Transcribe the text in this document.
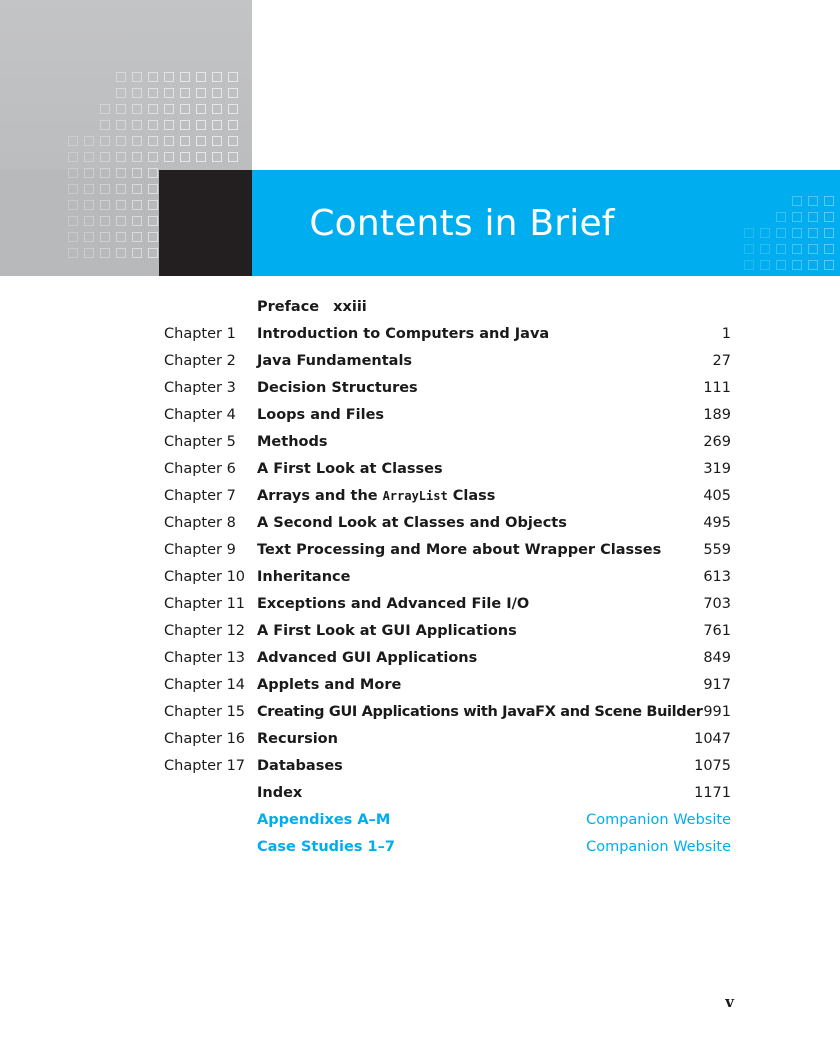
Contents in Brief
Preface xxiii
Chapter 1 Introduction to Computers and Java	1
Chapter 2 Java Fundamentals	27
Chapter 3 Decision Structures	111
Chapter 4 Loops and Files	189
Chapter 5 Methods	269
Chapter 6 A First Look at Classes	319
Chapter 7 Arrays and the ArrayList Class	405
Chapter 8 A Second Look at Classes and Objects	495
Chapter 9 Text Processing and More about Wrapper Classes	559
Chapter 10 Inheritance	613
Chapter 11 Exceptions and Advanced File I/O	703
Chapter 12 A First Look at GUI Applications	761
Chapter 13 Advanced GUI Applications	849
Chapter 14 Applets and More	917
Chapter 15 Creating GUI Applications with JavaFX and Scene Builder 991
Chapter 16 Recursion	1047
Chapter 17 Databases	1075
Index	1171
Appendixes A–M	Companion Website
Case Studies 1–7	Companion Website
v
